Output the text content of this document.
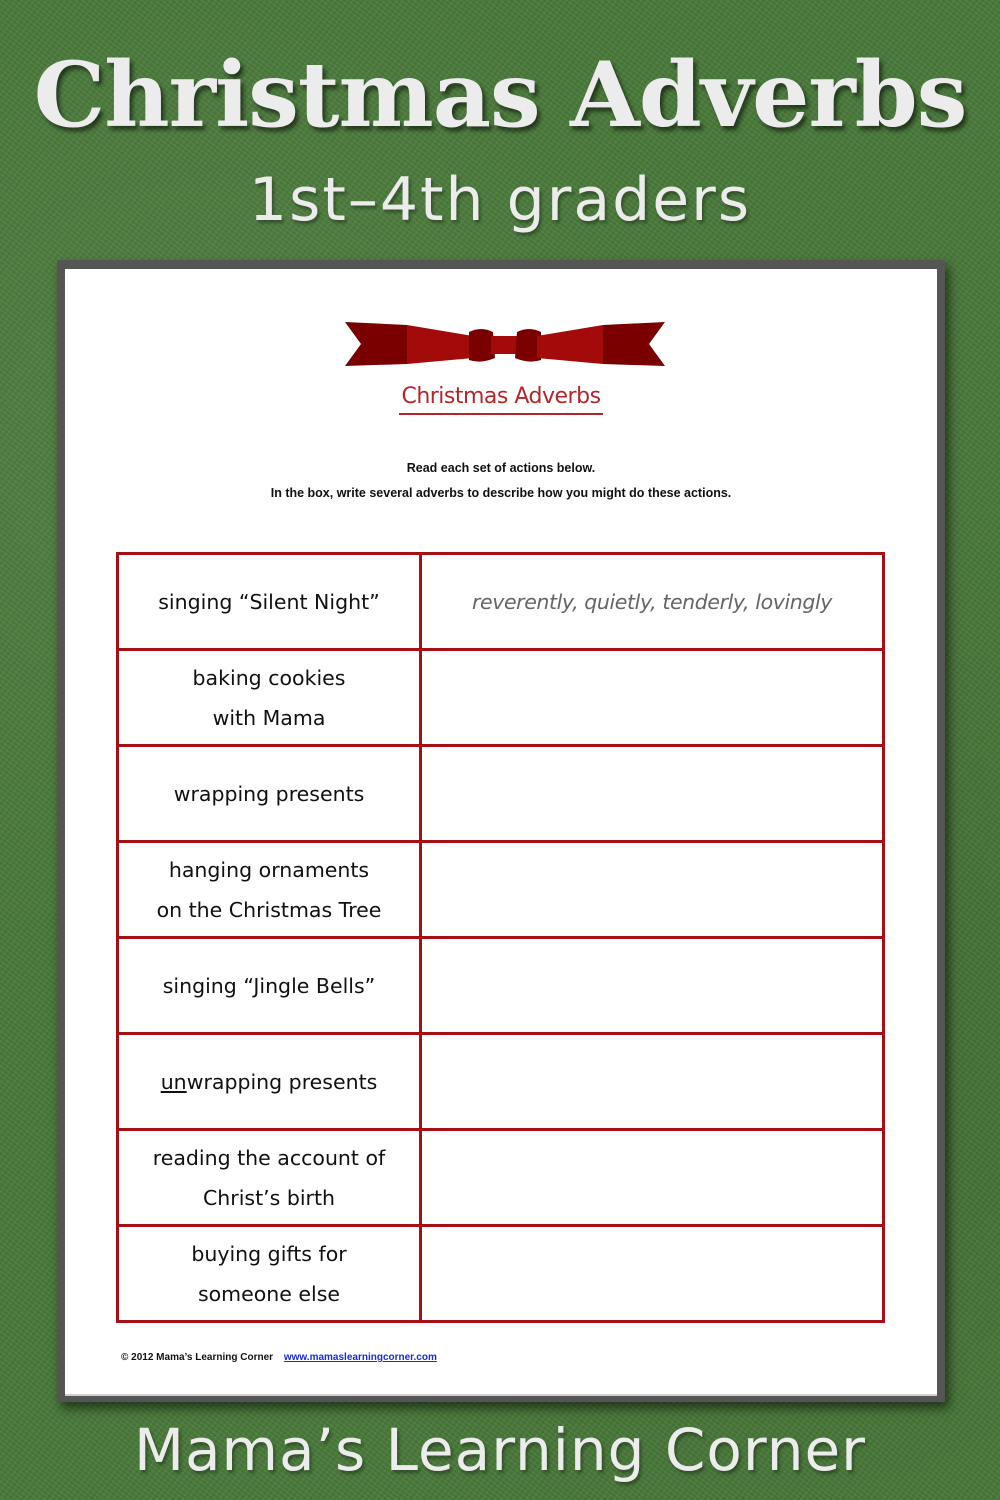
Christmas Adverbs
1st–4th graders
Christmas Adverbs
Read each set of actions below.
In the box, write several adverbs to describe how you might do these actions.
singing “Silent Night”	reverently, quietly, tenderly, lovingly

baking cookies
with Mama	

wrapping presents	

hanging ornaments
on the Christmas Tree	

singing “Jingle Bells”	

unwrapping presents	

reading the account of
Christ’s birth	

buying gifts for
someone else	

© 2012 Mama’s Learning Corner www.mamaslearningcorner.com
Mama’s Learning Corner
